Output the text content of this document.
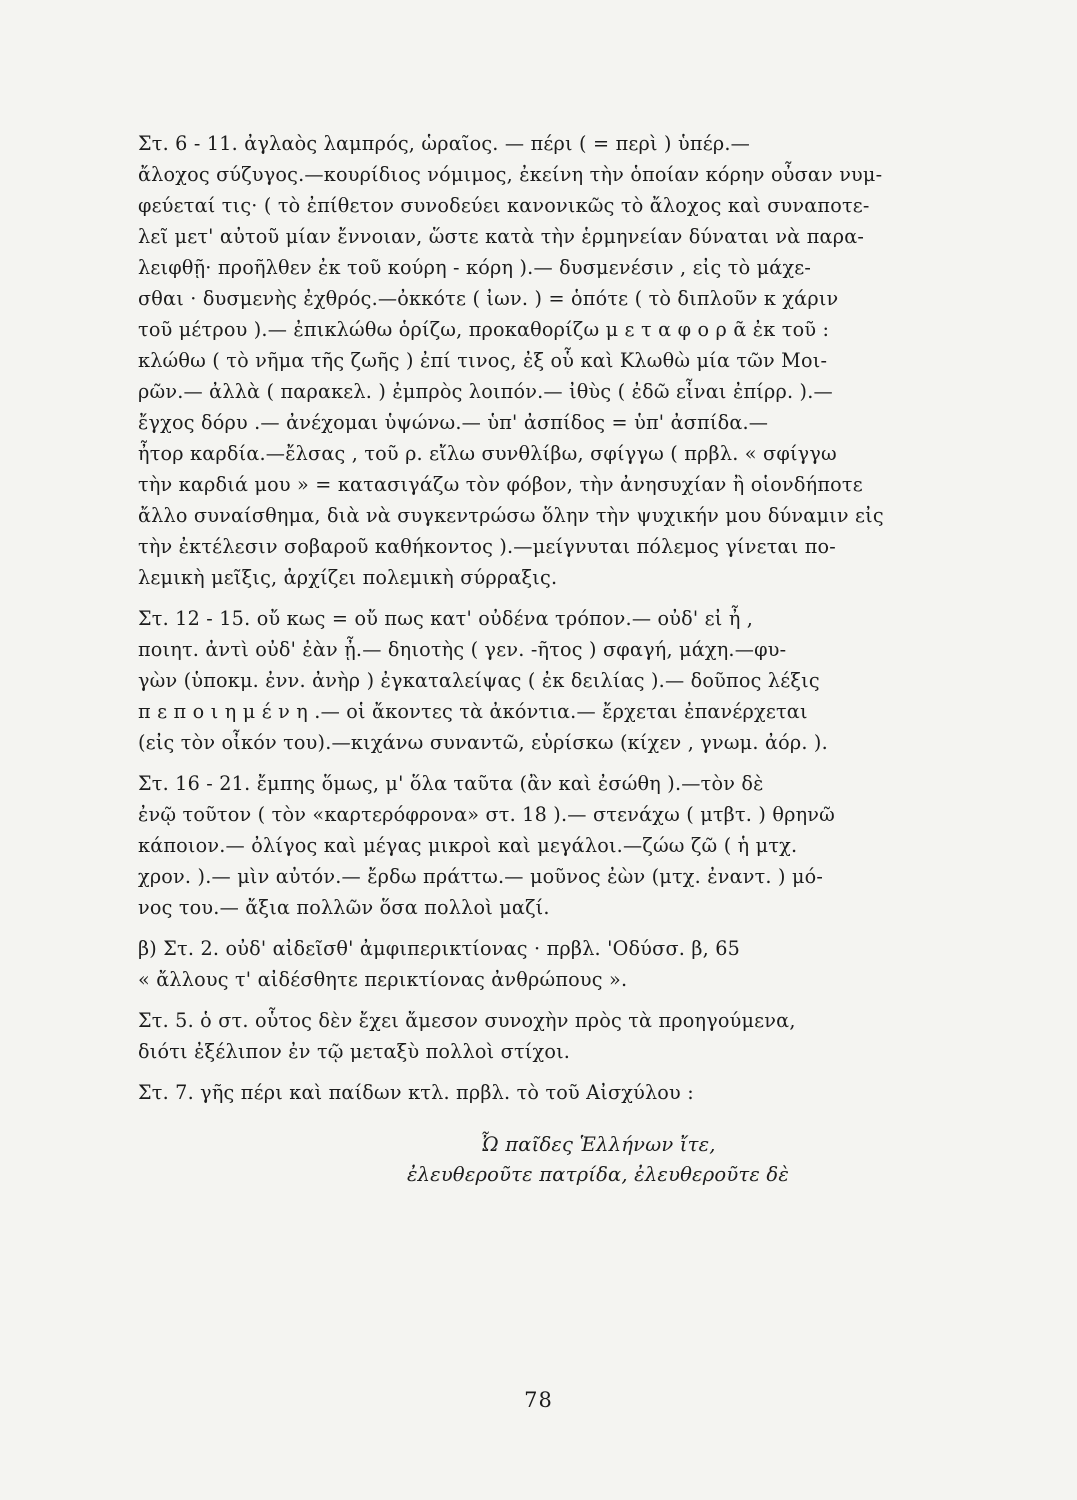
Στ. 6 - 11. ἀγλαὸς λαμπρός, ὡραῖος. — πέρι ( = περὶ ) ὑπέρ.—
ἄλοχος σύζυγος.—κουρίδιος νόμιμος, ἐκείνη τὴν ὁποίαν κόρην οὖσαν νυμ-
φεύεταί τις· ( τὸ ἐπίθετον συνοδεύει κανονικῶς τὸ ἄλοχος καὶ συναποτε-
λεῖ μετ' αὐτοῦ μίαν ἔννοιαν, ὥστε κατὰ τὴν ἑρμηνείαν δύναται νὰ παρα-
λειφθῇ· προῆλθεν ἐκ τοῦ κούρη - κόρη ).— δυσμενέσιν , εἰς τὸ μάχε-
σθαι · δυσμενὴς ἐχθρός.—ὀκκότε ( ἰων. ) = ὁπότε ( τὸ διπλοῦν κ χάριν
τοῦ μέτρου ).— ἐπικλώθω ὁρίζω, προκαθορίζω μ ε τ α φ ο ρ ᾶ ἐκ τοῦ :
κλώθω ( τὸ νῆμα τῆς ζωῆς ) ἐπί τινος, ἐξ οὗ καὶ Κλωθὼ μία τῶν Μοι-
ρῶν.— ἀλλὰ ( παρακελ. ) ἐμπρὸς λοιπόν.— ἰθὺς ( ἐδῶ εἶναι ἐπίρρ. ).—
ἔγχος δόρυ .— ἀνέχομαι ὑψώνω.— ὑπ' ἀσπίδος = ὑπ' ἀσπίδα.—
ἦτορ καρδία.—ἔλσας , τοῦ ρ. εἴλω συνθλίβω, σφίγγω ( πρβλ. « σφίγγω
τὴν καρδιά μου » = κατασιγάζω τὸν φόβον, τὴν ἀνησυχίαν ἢ οἱονδήποτε
ἄλλο συναίσθημα, διὰ νὰ συγκεντρώσω ὅλην τὴν ψυχικήν μου δύναμιν εἰς
τὴν ἐκτέλεσιν σοβαροῦ καθήκοντος ).—μείγνυται πόλεμος γίνεται πο-
λεμικὴ μεῖξις, ἀρχίζει πολεμικὴ σύρραξις.
Στ. 12 - 15. οὔ κως = οὔ πως κατ' οὐδένα τρόπον.— οὐδ' εἰ ἦ ,
ποιητ. ἀντὶ οὐδ' ἐὰν ᾖ.— δηιοτὴς ( γεν. -ῆτος ) σφαγή, μάχη.—φυ-
γὼν (ὑποκμ. ἐνν. ἀνὴρ ) ἐγκαταλείψας ( ἐκ δειλίας ).— δοῦπος λέξις
π ε π ο ι η μ έ ν η .— οἱ ἄκοντες τὰ ἀκόντια.— ἔρχεται ἐπανέρχεται
(εἰς τὸν οἶκόν του).—κιχάνω συναντῶ, εὑρίσκω (κίχεν , γνωμ. ἀόρ. ).
Στ. 16 - 21. ἔμπης ὅμως, μ' ὅλα ταῦτα (ἂν καὶ ἐσώθη ).—τὸν δὲ
ἐνῷ τοῦτον ( τὸν «καρτερόφρονα» στ. 18 ).— στενάχω ( μτβτ. ) θρηνῶ
κάποιον.— ὀλίγος καὶ μέγας μικροὶ καὶ μεγάλοι.—ζώω ζῶ ( ἡ μτχ.
χρον. ).— μὶν αὐτόν.— ἔρδω πράττω.— μοῦνος ἐὼν (μτχ. ἐναντ. ) μό-
νος του.— ἄξια πολλῶν ὅσα πολλοὶ μαζί.
β) Στ. 2. οὐδ' αἰδεῖσθ' ἀμφιπερικτίονας · πρβλ. 'Οδύσσ. β, 65
« ἄλλους τ' αἰδέσθητε περικτίονας ἀνθρώπους ».
Στ. 5. ὁ στ. οὗτος δὲν ἔχει ἄμεσον συνοχὴν πρὸς τὰ προηγούμενα,
διότι ἐξέλιπον ἐν τῷ μεταξὺ πολλοὶ στίχοι.
Στ. 7. γῆς πέρι καὶ παίδων κτλ. πρβλ. τὸ τοῦ Αἰσχύλου :
Ὦ παῖδες Ἑλλήνων ἴτε,
ἐλευθεροῦτε πατρίδα, ἐλευθεροῦτε δὲ
78
